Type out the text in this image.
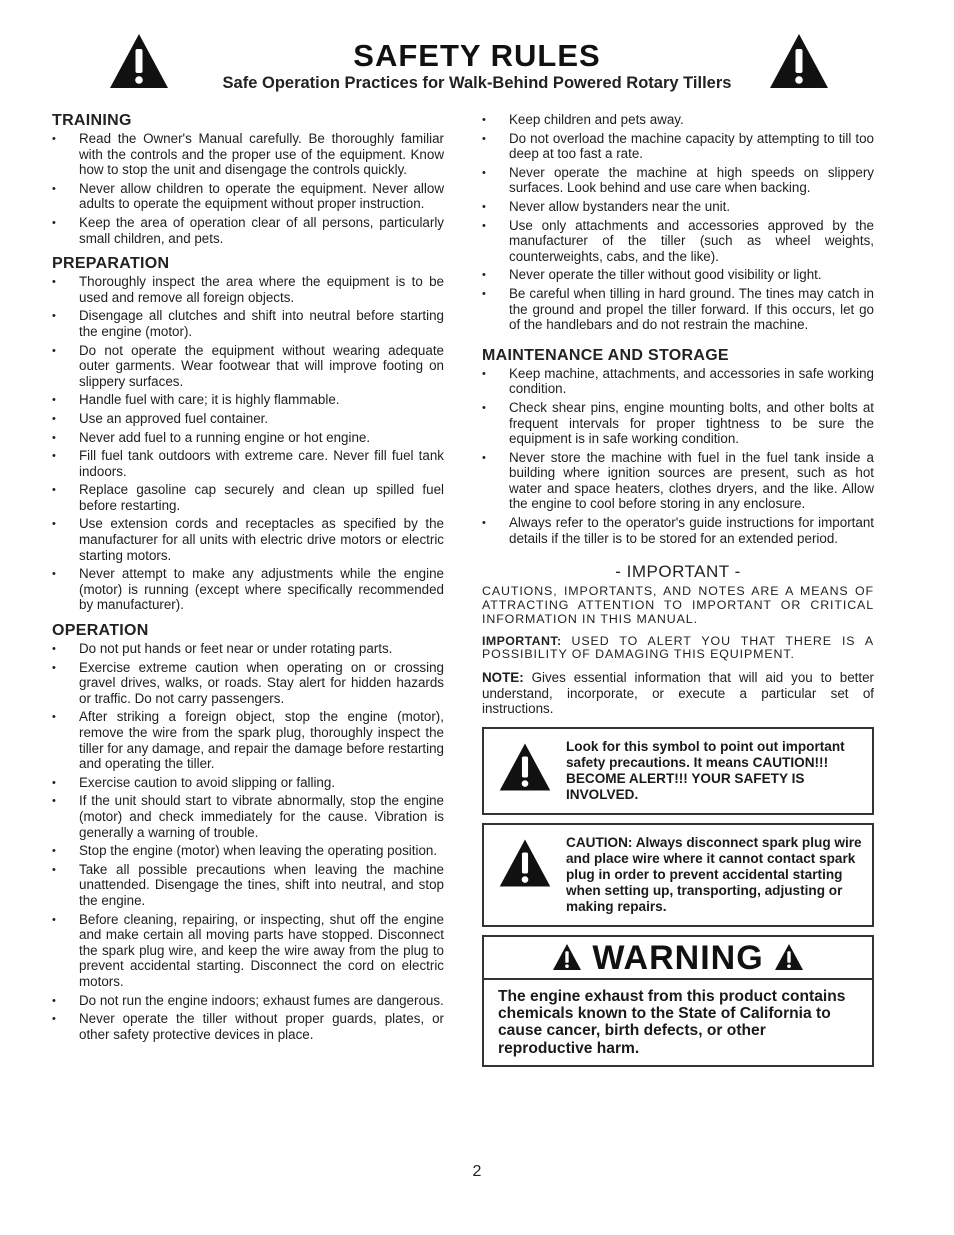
SAFETY RULES
Safe Operation Practices for Walk-Behind Powered Rotary Tillers
TRAINING
• Read the Owner's Manual carefully. Be thoroughly familiar with the controls and the proper use of the equipment. Know how to stop the unit and disengage the controls quickly.
• Never allow children to operate the equipment. Never allow adults to operate the equipment without proper instruction.
• Keep the area of operation clear of all persons, particularly small children, and pets.
PREPARATION
• Thoroughly inspect the area where the equipment is to be used and remove all foreign objects.
• Disengage all clutches and shift into neutral before starting the engine (motor).
• Do not operate the equipment without wearing adequate outer garments. Wear footwear that will improve footing on slippery surfaces.
• Handle fuel with care; it is highly flammable.
• Use an approved fuel container.
• Never add fuel to a running engine or hot engine.
• Fill fuel tank outdoors with extreme care. Never fill fuel tank indoors.
• Replace gasoline cap securely and clean up spilled fuel before restarting.
• Use extension cords and receptacles as specified by the manufacturer for all units with electric drive motors or electric starting motors.
• Never attempt to make any adjustments while the engine (motor) is running (except where specifically recommended by manufacturer).
OPERATION
• Do not put hands or feet near or under rotating parts.
• Exercise extreme caution when operating on or crossing gravel drives, walks, or roads. Stay alert for hidden hazards or traffic. Do not carry passengers.
• After striking a foreign object, stop the engine (motor), remove the wire from the spark plug, thoroughly inspect the tiller for any damage, and repair the damage before restarting and operating the tiller.
• Exercise caution to avoid slipping or falling.
• If the unit should start to vibrate abnormally, stop the engine (motor) and check immediately for the cause. Vibration is generally a warning of trouble.
• Stop the engine (motor) when leaving the operating position.
• Take all possible precautions when leaving the machine unattended. Disengage the tines, shift into neutral, and stop the engine.
• Before cleaning, repairing, or inspecting, shut off the engine and make certain all moving parts have stopped. Disconnect the spark plug wire, and keep the wire away from the plug to prevent accidental starting. Disconnect the cord on electric motors.
• Do not run the engine indoors; exhaust fumes are dangerous.
• Never operate the tiller without proper guards, plates, or other safety protective devices in place.
• Keep children and pets away.
• Do not overload the machine capacity by attempting to till too deep at too fast a rate.
• Never operate the machine at high speeds on slippery surfaces. Look behind and use care when backing.
• Never allow bystanders near the unit.
• Use only attachments and accessories approved by the manufacturer of the tiller (such as wheel weights, counterweights, cabs, and the like).
• Never operate the tiller without good visibility or light.
• Be careful when tilling in hard ground. The tines may catch in the ground and propel the tiller forward. If this occurs, let go of the handlebars and do not restrain the machine.
MAINTENANCE AND STORAGE
• Keep machine, attachments, and accessories in safe working condition.
• Check shear pins, engine mounting bolts, and other bolts at frequent intervals for proper tightness to be sure the equipment is in safe working condition.
• Never store the machine with fuel in the fuel tank inside a building where ignition sources are present, such as hot water and space heaters, clothes dryers, and the like. Allow the engine to cool before storing in any enclosure.
• Always refer to the operator's guide instructions for important details if the tiller is to be stored for an extended period.
- IMPORTANT -
CAUTIONS, IMPORTANTS, AND NOTES ARE A MEANS OF ATTRACTING ATTENTION TO IMPORTANT OR CRITICAL INFORMATION IN THIS MANUAL.
IMPORTANT: USED TO ALERT YOU THAT THERE IS A POSSIBILITY OF DAMAGING THIS EQUIPMENT.
NOTE: Gives essential information that will aid you to better understand, incorporate, or execute a particular set of instructions.
Look for this symbol to point out important safety precautions. It means CAUTION!!! BECOME ALERT!!! YOUR SAFETY IS INVOLVED.
CAUTION: Always disconnect spark plug wire and place wire where it cannot contact spark plug in order to prevent accidental starting when setting up, transporting, adjusting or making repairs.
WARNING
The engine exhaust from this product contains chemicals known to the State of California to cause cancer, birth defects, or other reproductive harm.
2
